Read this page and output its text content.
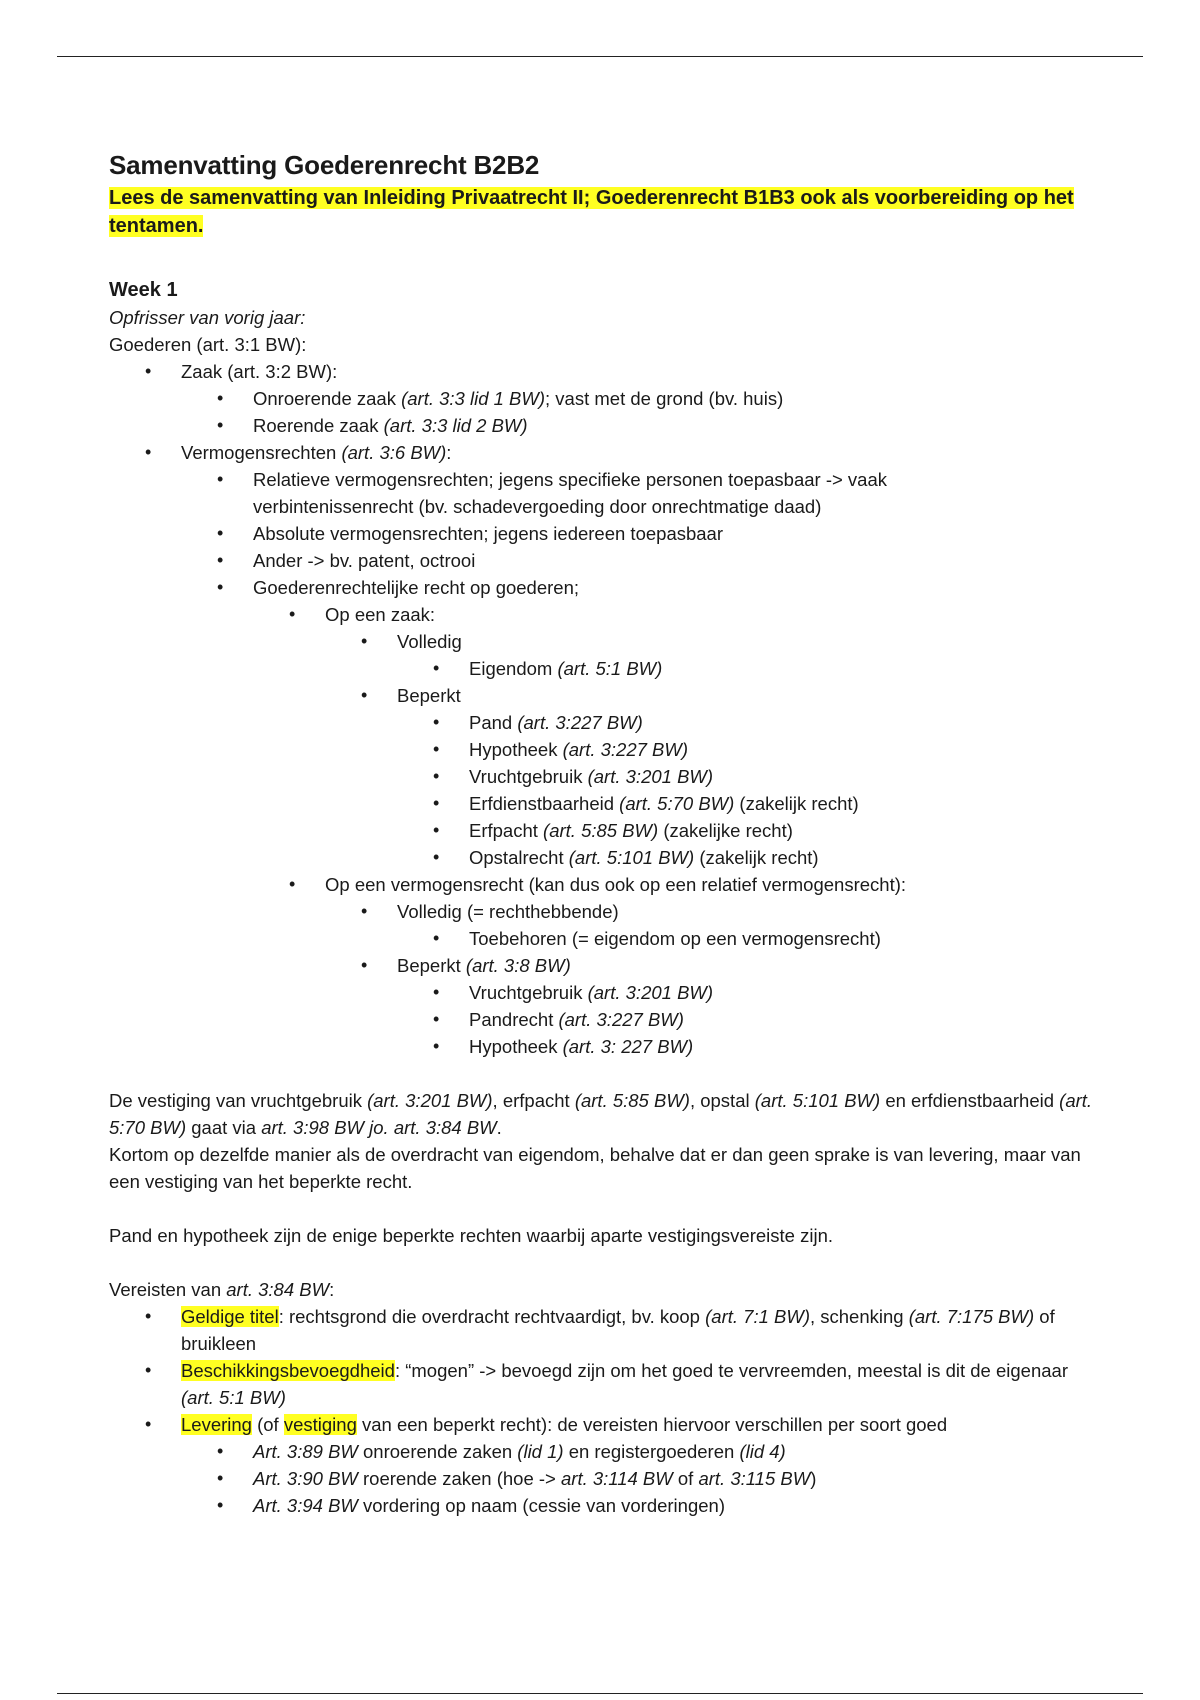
Samenvatting Goederenrecht B2B2

Lees de samenvatting van Inleiding Privaatrecht II; Goederenrecht B1B3 ook als voorbereiding op het tentamen.

Week 1
Opfrisser van vorig jaar:
Goederen (art. 3:1 BW):
• Zaak (art. 3:2 BW):
• Onroerende zaak (art. 3:3 lid 1 BW); vast met de grond (bv. huis)
• Roerende zaak (art. 3:3 lid 2 BW)
• Vermogensrechten (art. 3:6 BW):
• Relatieve vermogensrechten; jegens specifieke personen toepasbaar -> vaak verbintenissenrecht (bv. schadevergoeding door onrechtmatige daad)
• Absolute vermogensrechten; jegens iedereen toepasbaar
• Ander -> bv. patent, octrooi
• Goederenrechtelijke recht op goederen;
• Op een zaak:
• Volledig
• Eigendom (art. 5:1 BW)
• Beperkt
• Pand (art. 3:227 BW)
• Hypotheek (art. 3:227 BW)
• Vruchtgebruik (art. 3:201 BW)
• Erfdienstbaarheid (art. 5:70 BW) (zakelijk recht)
• Erfpacht (art. 5:85 BW) (zakelijke recht)
• Opstalrecht (art. 5:101 BW) (zakelijk recht)
• Op een vermogensrecht (kan dus ook op een relatief vermogensrecht):
• Volledig (= rechthebbende)
• Toebehoren (= eigendom op een vermogensrecht)
• Beperkt (art. 3:8 BW)
• Vruchtgebruik (art. 3:201 BW)
• Pandrecht (art. 3:227 BW)
• Hypotheek (art. 3: 227 BW)

De vestiging van vruchtgebruik (art. 3:201 BW), erfpacht (art. 5:85 BW), opstal (art. 5:101 BW) en erfdienstbaarheid (art. 5:70 BW) gaat via art. 3:98 BW jo. art. 3:84 BW.

Kortom op dezelfde manier als de overdracht van eigendom, behalve dat er dan geen sprake is van levering, maar van een vestiging van het beperkte recht.

Pand en hypotheek zijn de enige beperkte rechten waarbij aparte vestigingsvereiste zijn.

Vereisten van art. 3:84 BW:

• Geldige titel: rechtsgrond die overdracht rechtvaardigt, bv. koop (art. 7:1 BW), schenking (art. 7:175 BW) of bruikleen
• Beschikkingsbevoegdheid: “mogen” -> bevoegd zijn om het goed te vervreemden, meestal is dit de eigenaar (art. 5:1 BW)
• Levering (of vestiging van een beperkt recht): de vereisten hiervoor verschillen per soort goed
• Art. 3:89 BW onroerende zaken (lid 1) en registergoederen (lid 4)
• Art. 3:90 BW roerende zaken (hoe -> art. 3:114 BW of art. 3:115 BW)
• Art. 3:94 BW vordering op naam (cessie van vorderingen)
